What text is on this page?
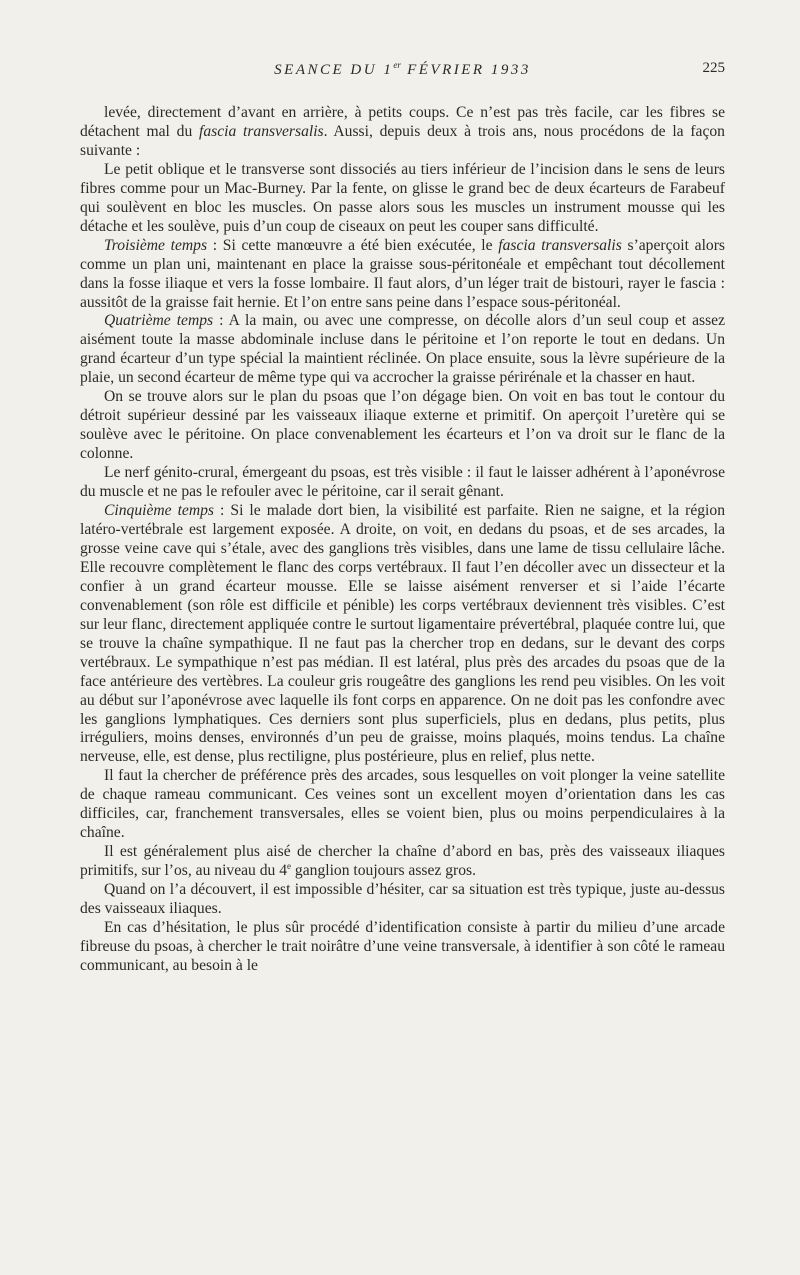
SEANCE DU 1er FÉVRIER 1933	225

levée, directement d’avant en arrière, à petits coups. Ce n’est pas très facile, car les fibres se détachent mal du fascia transversalis. Aussi, depuis deux à trois ans, nous procédons de la façon suivante :

Le petit oblique et le transverse sont dissociés au tiers inférieur de l’incision dans le sens de leurs fibres comme pour un Mac-Burney. Par la fente, on glisse le grand bec de deux écarteurs de Farabeuf qui soulèvent en bloc les muscles. On passe alors sous les muscles un instrument mousse qui les détache et les soulève, puis d’un coup de ciseaux on peut les couper sans difficulté.

Troisième temps : Si cette manœuvre a été bien exécutée, le fascia transversalis s’aperçoit alors comme un plan uni, maintenant en place la graisse sous-péritonéale et empêchant tout décollement dans la fosse iliaque et vers la fosse lombaire. Il faut alors, d’un léger trait de bistouri, rayer le fascia : aussitôt de la graisse fait hernie. Et l’on entre sans peine dans l’espace sous-péritonéal.

Quatrième temps : A la main, ou avec une compresse, on décolle alors d’un seul coup et assez aisément toute la masse abdominale incluse dans le péritoine et l’on reporte le tout en dedans. Un grand écarteur d’un type spécial la maintient réclinée. On place ensuite, sous la lèvre supérieure de la plaie, un second écarteur de même type qui va accrocher la graisse périrénale et la chasser en haut.

On se trouve alors sur le plan du psoas que l’on dégage bien. On voit en bas tout le contour du détroit supérieur dessiné par les vaisseaux iliaque externe et primitif. On aperçoit l’uretère qui se soulève avec le péritoine. On place convenablement les écarteurs et l’on va droit sur le flanc de la colonne.

Le nerf génito-crural, émergeant du psoas, est très visible : il faut le laisser adhérent à l’aponévrose du muscle et ne pas le refouler avec le péritoine, car il serait gênant.

Cinquième temps : Si le malade dort bien, la visibilité est parfaite. Rien ne saigne, et la région latéro-vertébrale est largement exposée. A droite, on voit, en dedans du psoas, et de ses arcades, la grosse veine cave qui s’étale, avec des ganglions très visibles, dans une lame de tissu cellulaire lâche. Elle recouvre complètement le flanc des corps vertébraux. Il faut l’en décoller avec un dissecteur et la confier à un grand écarteur mousse. Elle se laisse aisément renverser et si l’aide l’écarte convenablement (son rôle est difficile et pénible) les corps vertébraux deviennent très visibles. C’est sur leur flanc, directement appliquée contre le surtout ligamentaire prévertébral, plaquée contre lui, que se trouve la chaîne sympathique. Il ne faut pas la chercher trop en dedans, sur le devant des corps vertébraux. Le sympathique n’est pas médian. Il est latéral, plus près des arcades du psoas que de la face antérieure des vertèbres. La couleur gris rougeâtre des ganglions les rend peu visibles. On les voit au début sur l’aponévrose avec laquelle ils font corps en apparence. On ne doit pas les confondre avec les ganglions lymphatiques. Ces derniers sont plus superficiels, plus en dedans, plus petits, plus irréguliers, moins denses, environnés d’un peu de graisse, moins plaqués, moins tendus. La chaîne nerveuse, elle, est dense, plus rectiligne, plus postérieure, plus en relief, plus nette.

Il faut la chercher de préférence près des arcades, sous lesquelles on voit plonger la veine satellite de chaque rameau communicant. Ces veines sont un excellent moyen d’orientation dans les cas difficiles, car, franchement transversales, elles se voient bien, plus ou moins perpendiculaires à la chaîne.

Il est généralement plus aisé de chercher la chaîne d’abord en bas, près des vaisseaux iliaques primitifs, sur l’os, au niveau du 4e ganglion toujours assez gros.

Quand on l’a découvert, il est impossible d’hésiter, car sa situation est très typique, juste au-dessus des vaisseaux iliaques.

En cas d’hésitation, le plus sûr procédé d’identification consiste à partir du milieu d’une arcade fibreuse du psoas, à chercher le trait noirâtre d’une veine transversale, à identifier à son côté le rameau communicant, au besoin à le
